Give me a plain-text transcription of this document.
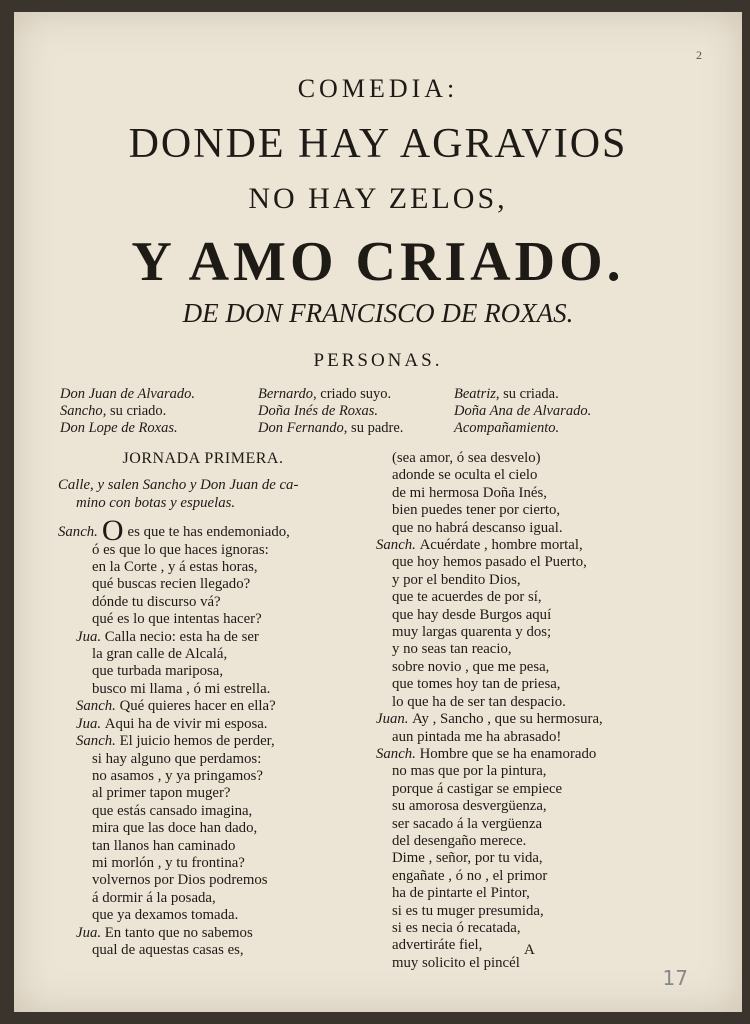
2
COMEDIA:
DONDE HAY AGRAVIOS
NO HAY ZELOS,
Y AMO CRIADO.
DE DON FRANCISCO DE ROXAS.
PERSONAS.
Don Juan de Alvarado.
Sancho, su criado.
Don Lope de Roxas.
Bernardo, criado suyo.
Doña Inés de Roxas.
Don Fernando, su padre.
Beatriz, su criada.
Doña Ana de Alvarado.
Acompañamiento.
JORNADA PRIMERA.
Calle, y salen Sancho y Don Juan de ca-
mino con botas y espuelas.
Sanch. O es que te has endemoniado,
ó es que lo que haces ignoras:
en la Corte , y á estas horas,
qué buscas recien llegado?
dónde tu discurso vá?
qué es lo que intentas hacer?
Jua. Calla necio: esta ha de ser
la gran calle de Alcalá,
que turbada mariposa,
busco mi llama , ó mi estrella.
Sanch. Qué quieres hacer en ella?
Jua. Aqui ha de vivir mi esposa.
Sanch. El juicio hemos de perder,
si hay alguno que perdamos:
no asamos , y ya pringamos?
al primer tapon muger?
que estás cansado imagina,
mira que las doce han dado,
tan llanos han caminado
mi morlón , y tu frontina?
volvernos por Dios podremos
á dormir á la posada,
que ya dexamos tomada.
Jua. En tanto que no sabemos
qual de aquestas casas es,
(sea amor, ó sea desvelo)
adonde se oculta el cielo
de mi hermosa Doña Inés,
bien puedes tener por cierto,
que no habrá descanso igual.
Sanch. Acuérdate , hombre mortal,
que hoy hemos pasado el Puerto,
y por el bendito Dios,
que te acuerdes de por sí,
que hay desde Burgos aquí
muy largas quarenta y dos;
y no seas tan reacio,
sobre novio , que me pesa,
que tomes hoy tan de priesa,
lo que ha de ser tan despacio.
Juan. Ay , Sancho , que su hermosura,
aun pintada me ha abrasado!
Sanch. Hombre que se ha enamorado
no mas que por la pintura,
porque á castigar se empiece
su amorosa desvergüenza,
ser sacado á la vergüenza
del desengaño merece.
Dime , señor, por tu vida,
engañate , ó no , el primor
ha de pintarte el Pintor,
si es tu muger presumida,
si es necia ó recatada,
advertiráte fiel,
muy solicito el pincél
A
17
